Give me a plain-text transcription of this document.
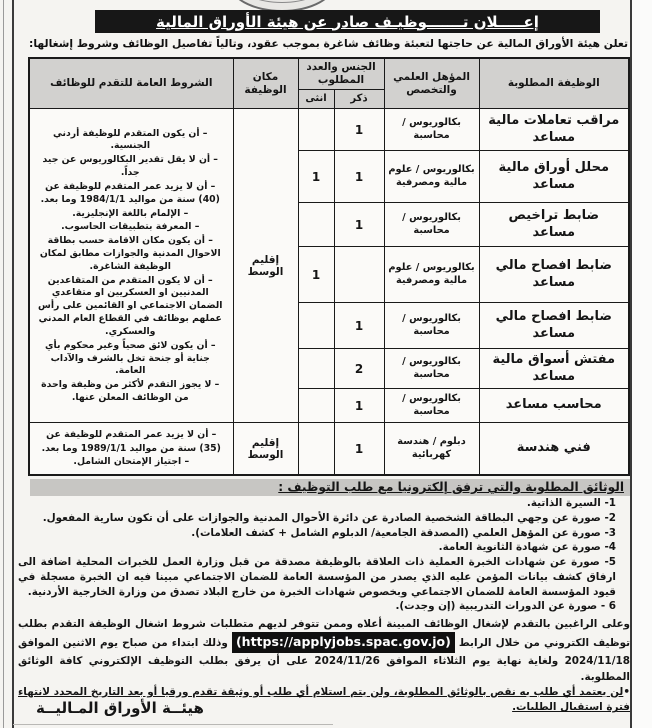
إعـــــلان تـــــــوظيـف صادر عن هيئة الأوراق المالية
تعلن هيئة الأوراق المالية عن حاجتها لتعبئة وظائف شاغرة بموجب عقود، وتالياً تفاصيل الوظائف وشروط إشغالها:
الوظيفة المطلوبة	المؤهل العلمي والتخصص	الجنس والعدد المطلوب		مكان الوظيفة	الشروط العامة للتقدم للوظائف
		ذكر	انثى		
مراقب تعاملات مالية مساعد	بكالوريوس / محاسبة	1		إقليم الوسط	
– أن يكون المتقدم للوظيفة أردني الجنسية.
– أن لا يقل تقدير البكالوريوس عن جيد جداً.
– أن لا يزيد عمر المتقدم للوظيفة عن (40) سنة من مواليد 1984/1/1 وما بعد.
– الإلمام باللغة الإنجليزية.
– المعرفة بتطبيقات الحاسوب.
– أن يكون مكان الاقامة حسب بطاقة الاحوال المدنية والجوازات مطابق لمكان الوظيفة الشاغرة.
– أن لا يكون المتقدم من المتقاعدين المدنيين او العسكريين او متقاعدي الضمان الاجتماعي او القائمين على رأس عملهم بوظائف في القطاع العام المدني والعسكري.
– أن يكون لائق صحياً وغير محكوم بأي جناية أو جنحة تخل بالشرف والآداب العامة.
– لا يجوز التقدم لأكثر من وظيفة واحدة من الوظائف المعلن عنها.

محلل أوراق مالية مساعد	بكالوريوس / علوم مالية ومصرفية	1	1		
ضابط تراخيص مساعد	بكالوريوس / محاسبة	1			
ضابط افصاح مالي مساعد	بكالوريوس / علوم مالية ومصرفية		1		
ضابط افصاح مالي مساعد	بكالوريوس / محاسبة	1			
مفتش أسواق مالية مساعد	بكالوريوس / محاسبة	2			
محاسب مساعد	بكالوريوس / محاسبة	1			
فني هندسة	دبلوم / هندسة كهربائية	1		إقليم الوسط	– أن لا يزيد عمر المتقدم للوظيفة عن (35) سنة من مواليد 1989/1/1 وما بعد.
– اجتياز الإمتحان الشامل.
الوثائق المطلوبة والتي ترفق إلكترونيا مع طلب التوظيف :
1- السيرة الذاتية.
2- صورة عن وجهي البطاقة الشخصية الصادرة عن دائرة الأحوال المدنية والجوازات على أن تكون سارية المفعول.
3- صورة عن المؤهل العلمي (المصدقة الجامعية/ الدبلوم الشامل + كشف العلامات).
4- صورة عن شهادة الثانوية العامة.
5- صورة عن شهادات الخبرة العملية ذات العلاقة بالوظيفة مصدقة من قبل وزارة العمل للخبرات المحلية اضافة الى ارفاق كشف بيانات المؤمن عليه الذي يصدر من المؤسسة العامة للضمان الاجتماعي مبينا فيه ان الخبرة مسجلة في قيود المؤسسة العامة للضمان الاجتماعي وبخصوص شهادات الخبرة من خارج البلاد تصدق من وزارة الخارجية الأردنية.
6 - صورة عن الدورات التدريبية (إن وجدت).
وعلى الراغبين بالتقدم لإشغال الوظائف المبينة أعلاه وممن تتوفر لديهم متطلبات شروط اشغال الوظيفة التقدم بطلب توظيف الكتروني من خلال الرابط (https://applyjobs.spac.gov.jo) وذلك ابتداء من صباح يوم الاثنين الموافق 2024/11/18 ولغاية نهاية يوم الثلاثاء الموافق 2024/11/26 على أن يرفق بطلب التوظيف الإلكتروني كافة الوثائق المطلوبة.
•لن يعتمد أي طلب به نقص بالوثائق المطلوبة، ولن يتم استلام أي طلب أو وثيقة تقدم ورقيا أو بعد التاريخ المحدد لانتهاء فترة استقبال الطلبات.
هيئــة الأوراق المـاليــة
